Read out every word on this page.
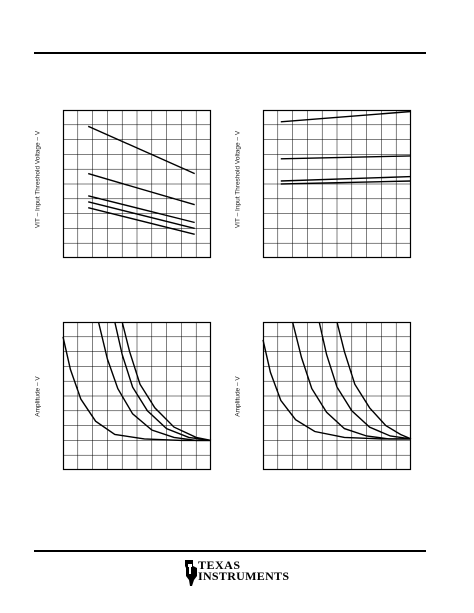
VIT – Input Threshold Voltage – V	VIT – Input Threshold Voltage – V
Amplitude – V	Amplitude – V
TEXAS
INSTRUMENTS
